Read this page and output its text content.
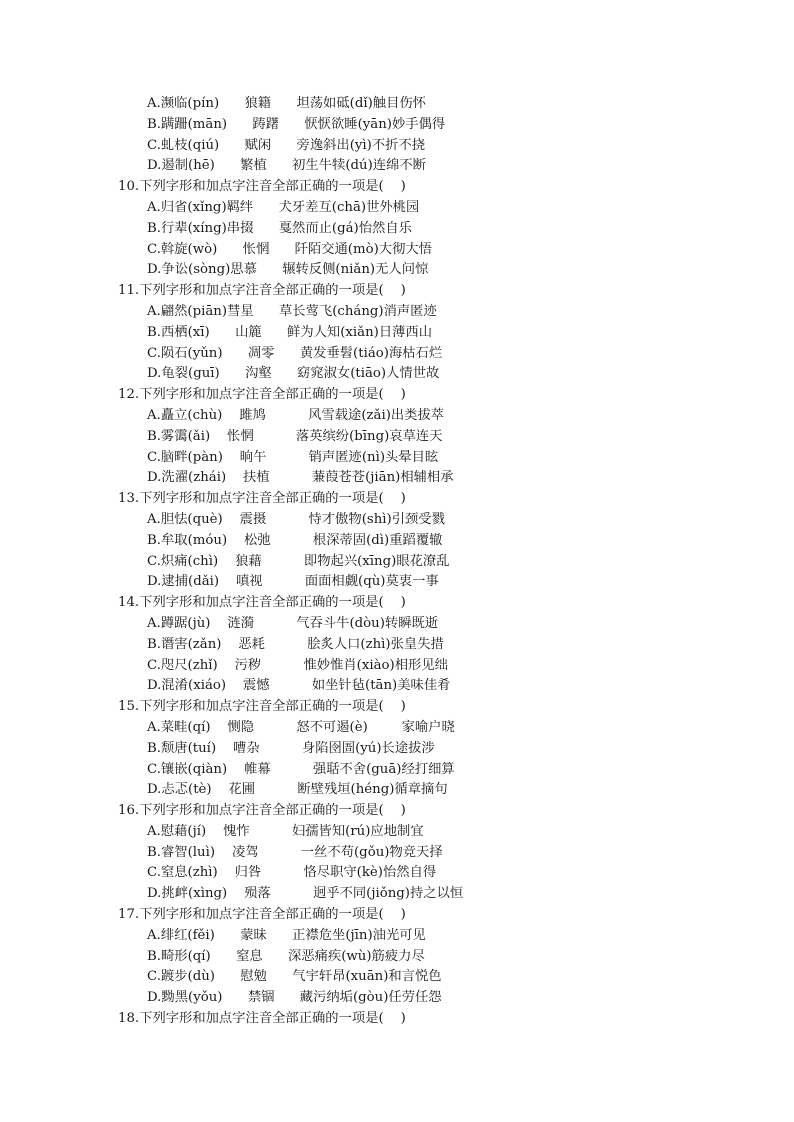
A.濒临(pín)      狼籍      坦荡如砥(dǐ)触目伤怀
B.蹒跚(mān)      踌躇      恹恹欲睡(yān)妙手偶得
C.虬枝(qiú)      赋闲      旁逸斜出(yì)不折不挠
D.遏制(hē)      繁植      初生牛犊(dú)连绵不断
10.下列字形和加点字注音全部正确的一项是(    )
A.归省(xǐng)羁绊      犬牙差互(chā)世外桃园
B.行辈(xíng)串掇      戛然而止(gá)怡然自乐
C.斡旋(wò)      怅惘      阡陌交通(mò)大彻大悟
D.争讼(sòng)思慕      辗转反侧(niǎn)无人问惊
11.下列字形和加点字注音全部正确的一项是(    )
A.翩然(piān)彗星      草长莺飞(cháng)消声匿迹
B.西栖(xī)      山簏      鲜为人知(xiǎn)日薄西山
C.陨石(yǔn)      凋零      黄发垂髫(tiáo)海枯石烂
D.龟裂(guī)      沟壑      窈窕淑女(tiāo)人情世故
12.下列字形和加点字注音全部正确的一项是(    )
A.矗立(chù)    雎鸠          风雪载途(zǎi)出类拔萃
B.雾霭(ǎi)    怅惘          落英缤纷(bīng)哀草连天
C.脑畔(pàn)    晌午          销声匿迹(nì)头晕目眩
D.洗濯(zhái)    扶植          蒹葭苍苍(jiān)相辅相承
13.下列字形和加点字注音全部正确的一项是(    )
A.胆怯(què)    震摄          恃才傲物(shì)引颈受戮
B.牟取(móu)    松弛          根深蒂固(dì)重蹈覆辙
C.炽痛(chì)    狼藉          即物起兴(xīng)眼花潦乱
D.逮捕(dǎi)    嗔视          面面相觑(qù)莫衷一事
14.下列字形和加点字注音全部正确的一项是(    )
A.蹲踞(jù)    涟漪          气吞斗牛(dòu)转瞬既逝
B.谮害(zǎn)    恶耗          脍炙人口(zhì)张皇失措
C.咫尺(zhǐ)    污秽          惟妙惟肖(xiào)相形见绌
D.混淆(xiáo)    震憾          如坐针毡(tān)美味佳肴
15.下列字形和加点字注音全部正确的一项是(    )
A.菜畦(qí)    恻隐          怒不可遏(è)        家喻户晓
B.颓唐(tuí)    嘈杂          身陷囹圄(yú)长途拔涉
C.镶嵌(qiàn)    帷幕          强聒不舍(guā)经打细算
D.忐忑(tè)    花圃          断壁残垣(héng)循章摘句
16.下列字形和加点字注音全部正确的一项是(    )
A.慰藉(jí)    愧怍          妇孺皆知(rú)应地制宜
B.睿智(luì)    凌驾          一丝不苟(gǒu)物竞天择
C.窒息(zhì)    归咎          恪尽职守(kè)怡然自得
D.挑衅(xìng)    殒落          迥乎不同(jiǒng)持之以恒
17.下列字形和加点字注音全部正确的一项是(    )
A.绯红(fěi)      蒙昧      正襟危坐(jīn)油光可见
B.畸形(qí)      窒息      深恶痛疾(wù)筋疲力尽
C.踱步(dù)      慰勉      气宇轩昂(xuān)和言悦色
D.黝黑(yǒu)      禁锢      藏污纳垢(gòu)任劳任怨
18.下列字形和加点字注音全部正确的一项是(    )
